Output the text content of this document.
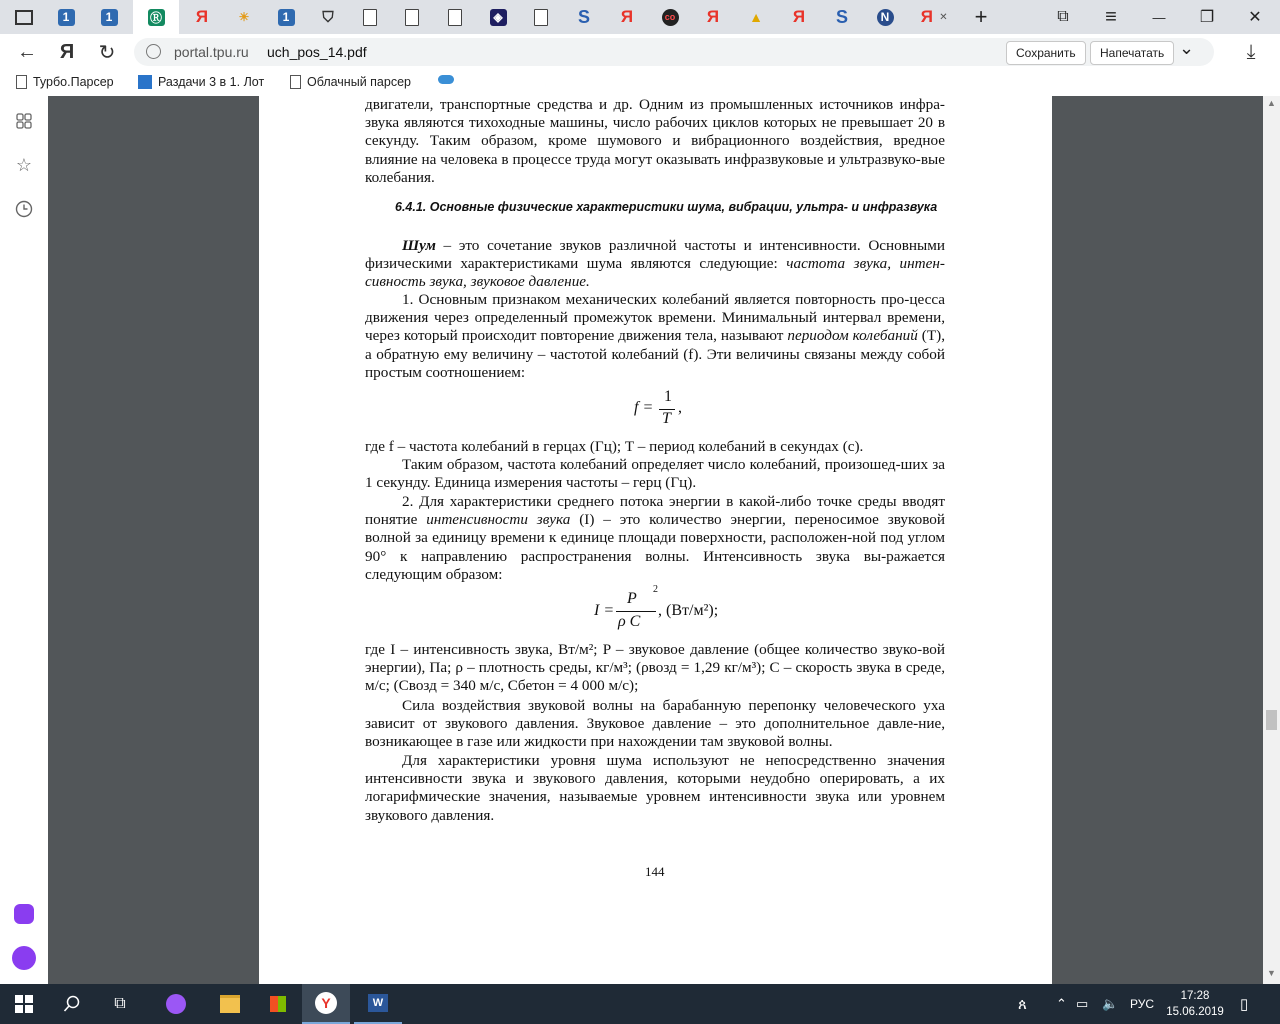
1	1	Ⓡ Я	☀	1	⛉	◈	S Я	co Я ▲ Я S	N Я ✕	+	⧉	≡	—	❐	✕
← Я ↻	portal.tpu.ru uch_pos_14.pdf	Сохранить	Напечатать ⌄	⤓
Турбо.Парсер	Раздачи 3 в 1. Лот	Облачный парсер
☆
двигатели, транспортные средства и др. Одним из промышленных источников инфра-звука являются тихоходные машины, число рабочих циклов которых не превышает 20 в секунду. Таким образом, кроме шумового и вибрационного воздействия, вредное влияние на человека в процессе труда могут оказывать инфразвуковые и ультразвуко-вые колебания.
6.4.1. Основные физические характеристики шума, вибрации, ультра- и инфразвука
Шум – это сочетание звуков различной частоты и интенсивности. Основными физическими характеристиками шума являются следующие: частота звука, интен-сивность звука, звуковое давление.
1. Основным признаком механических колебаний является повторность про-цесса движения через определенный промежуток времени. Минимальный интервал времени, через который происходит повторение движения тела, называют периодом колебаний (Т), а обратную ему величину – частотой колебаний (f). Эти величины связаны между собой простым соотношением:
f =
1
T
,
где f – частота колебаний в герцах (Гц); T – период колебаний в секундах (с).
Таким образом, частота колебаний определяет число колебаний, произошед-ших за 1 секунду. Единица измерения частоты – герц (Гц).
2. Для характеристики среднего потока энергии в какой-либо точке среды вводят понятие интенсивности звука (I) – это количество энергии, переносимое звуковой волной за единицу времени к единице площади поверхности, расположен-ной под углом 90° к направлению распространения волны. Интенсивность звука вы-ражается следующим образом:
I =
P
2
ρ C
, (Вт/м²);
где I – интенсивность звука, Вт/м²; P – звуковое давление (общее количество звуко-вой энергии), Па; ρ – плотность среды, кг/м³; (ρвозд = 1,29 кг/м³); C – скорость звука в среде, м/с; (Cвозд = 340 м/с, Cбетон = 4 000 м/с);
Сила воздействия звуковой волны на барабанную перепонку человеческого уха зависит от звукового давления. Звуковое давление – это дополнительное давле-ние, возникающее в газе или жидкости при нахождении там звуковой волны.
Для характеристики уровня шума используют не непосредственно значения интенсивности звука и звукового давления, которыми неудобно оперировать, а их логарифмические значения, называемые уровнем интенсивности звука или уровнем звукового давления.
144
▲
▼
⧉	Y	W	ጰ ⌃ ▭ 🔈 РУС
17:28
15.06.2019 ▯
